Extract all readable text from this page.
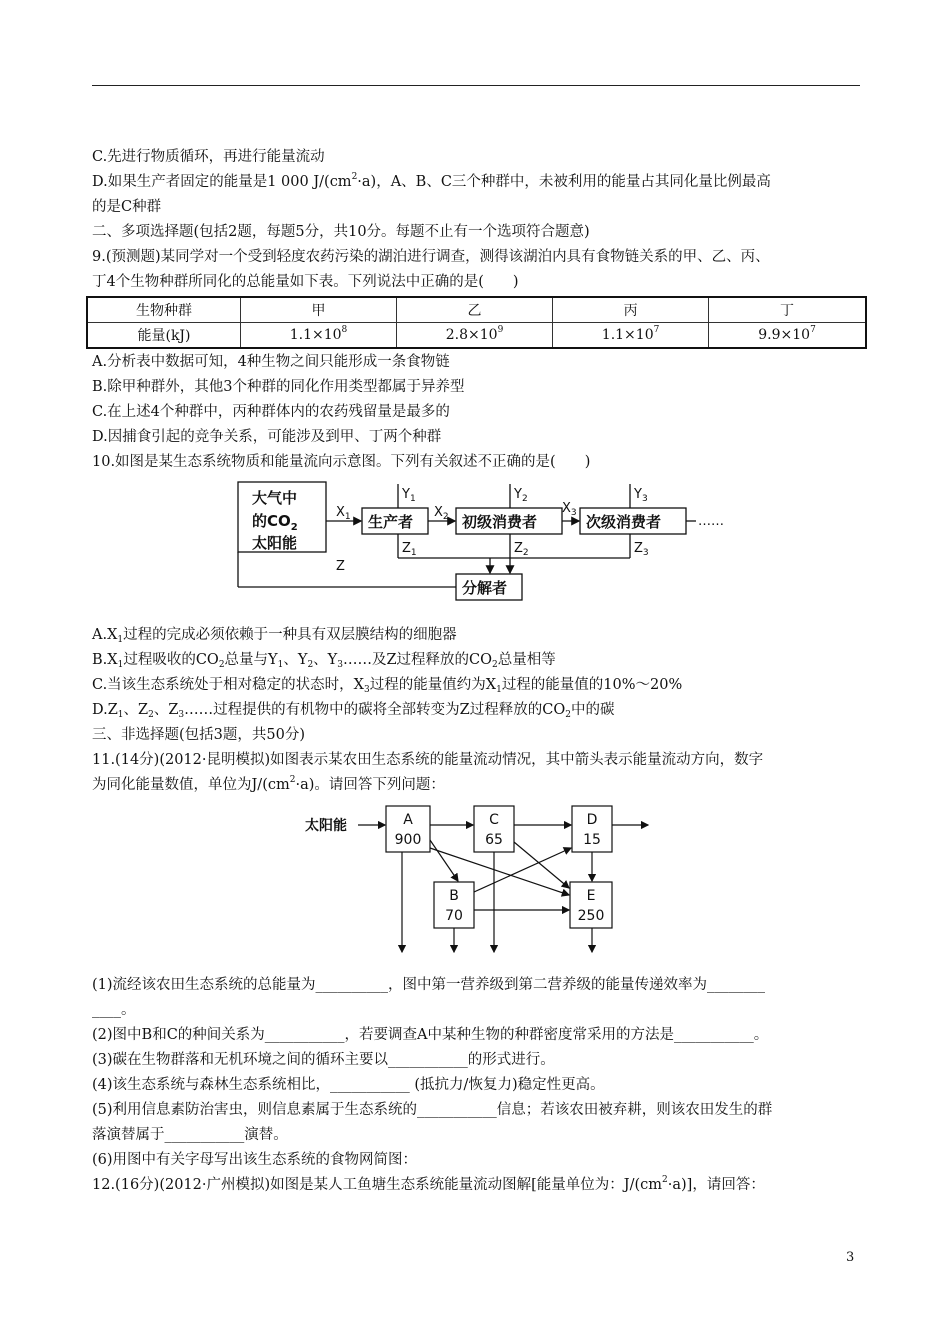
C.先进行物质循环，再进行能量流动
D.如果生产者固定的能量是1 000 $J/(cm^2\cdot a)$，A、B、C三个种群中，未被利用的能量占其同化量比例最高
的是C种群
二、多项选择题(包括2题，每题5分，共10分。每题不止有一个选项符合题意)
9.(预测题)某同学对一个受到轻度农药污染的湖泊进行调查，测得该湖泊内具有食物链关系的甲、乙、丙、
丁4个生物种群所同化的总能量如下表。下列说法中正确的是(　　)
生物种群	甲	乙	丙	丁
能量(kJ)	$1.1\times 10^8$	$2.8\times 10^9$	$1.1\times 10^7$	$9.9\times 10^7$
A.分析表中数据可知，4种生物之间只能形成一条食物链
B.除甲种群外，其他3个种群的同化作用类型都属于异养型
C.在上述4个种群中，丙种群体内的农药残留量是最多的
D.因捕食引起的竞争关系，可能涉及到甲、丁两个种群
10.如图是某生态系统物质和能量流向示意图。下列有关叙述不正确的是(　　)
大气中
的$CO_2$
太阳能
生产者	初级消费者	次级消费者
分解者
……
Z
$X_1$	$X_2$
$X_3$
$Y_1$	$Y_2$	$Y_3$
$Z_1$	$Z_2$	$Z_3$
$A.X_1$过程的完成必须依赖于一种具有双层膜结构的细胞器
$B.X_1$过程吸收的$CO_2$总量与$Y_1$、$Y_2$、$Y_3\dots\dots$及Z过程释放的$CO_2$总量相等
C.当该生态系统处于相对稳定的状态时，$X_3$过程的能量值约为$X_1$过程的能量值的10%～20%
$D.Z_1$、$Z_2$、$Z_3\dots\dots$过程提供的有机物中的碳将全部转变为Z过程释放的$CO_2$中的碳
三、非选择题(包括3题，共50分)
11.(14分)(2012·昆明模拟)如图表示某农田生态系统的能量流动情况，其中箭头表示能量流动方向，数字
为同化能量数值，单位为$J/(cm^2\cdot a)$。请回答下列问题：
太阳能	A
900
C
65
D
15
B
70
E
250
(1)流经该农田生态系统的总能量为__________，图中第一营养级到第二营养级的能量传递效率为________
____。
(2)图中B和C的种间关系为___________，若要调查A中某种生物的种群密度常采用的方法是___________。
(3)碳在生物群落和无机环境之间的循环主要以___________的形式进行。
(4)该生态系统与森林生态系统相比，___________ (抵抗力/恢复力)稳定性更高。
(5)利用信息素防治害虫，则信息素属于生态系统的___________信息；若该农田被弃耕，则该农田发生的群
落演替属于___________演替。
(6)用图中有关字母写出该生态系统的食物网简图：
12.(16分)(2012·广州模拟)如图是某人工鱼塘生态系统能量流动图解[能量单位为：$J/(cm^2\cdot a)$]，请回答：
3
